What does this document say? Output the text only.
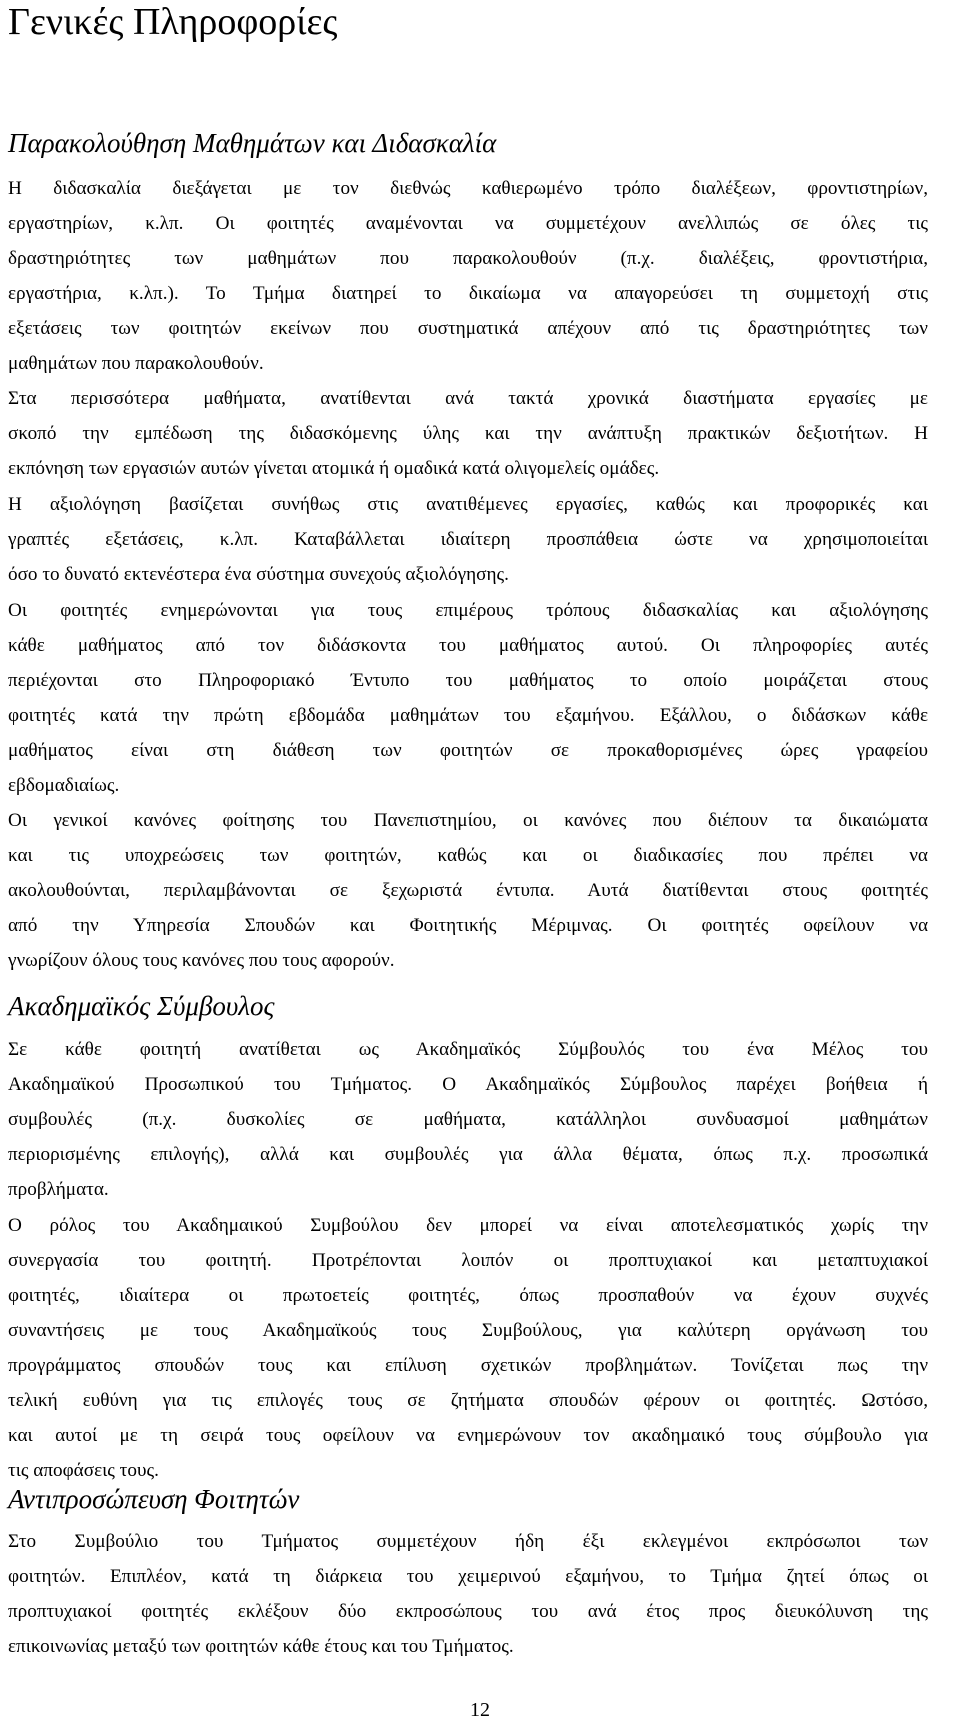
Γενικές Πληροφορίες
Παρακολούθηση Μαθημάτων και Διδασκαλία
Η διδασκαλία διεξάγεται με τον διεθνώς καθιερωμένο τρόπο διαλέξεων, φροντιστηρίων,
εργαστηρίων, κ.λπ. Οι φοιτητές αναμένονται να συμμετέχουν ανελλιπώς σε όλες τις
δραστηριότητες των μαθημάτων που παρακολουθούν (π.χ. διαλέξεις, φροντιστήρια,
εργαστήρια, κ.λπ.). Το Τμήμα διατηρεί το δικαίωμα να απαγορεύσει τη συμμετοχή στις
εξετάσεις των φοιτητών εκείνων που συστηματικά απέχουν από τις δραστηριότητες των
μαθημάτων που παρακολουθούν.
Στα περισσότερα μαθήματα, ανατίθενται ανά τακτά χρονικά διαστήματα εργασίες με
σκοπό την εμπέδωση της διδασκόμενης ύλης και την ανάπτυξη πρακτικών δεξιοτήτων. Η
εκπόνηση των εργασιών αυτών γίνεται ατομικά ή ομαδικά κατά ολιγομελείς ομάδες.
Η αξιολόγηση βασίζεται συνήθως στις ανατιθέμενες εργασίες, καθώς και προφορικές και
γραπτές εξετάσεις, κ.λπ. Καταβάλλεται ιδιαίτερη προσπάθεια ώστε να χρησιμοποιείται
όσο το δυνατό εκτενέστερα ένα σύστημα συνεχούς αξιολόγησης.
Οι φοιτητές ενημερώνονται για τους επιμέρους τρόπους διδασκαλίας και αξιολόγησης
κάθε μαθήματος από τον διδάσκοντα του μαθήματος αυτού. Οι πληροφορίες αυτές
περιέχονται στο Πληροφοριακό Έντυπο του μαθήματος το οποίο μοιράζεται στους
φοιτητές κατά την πρώτη εβδομάδα μαθημάτων του εξαμήνου. Εξάλλου, ο διδάσκων κάθε
μαθήματος είναι στη διάθεση των φοιτητών σε προκαθορισμένες ώρες γραφείου
εβδομαδιαίως.
Οι γενικοί κανόνες φοίτησης του Πανεπιστημίου, οι κανόνες που διέπουν τα δικαιώματα
και τις υποχρεώσεις των φοιτητών, καθώς και οι διαδικασίες που πρέπει να
ακολουθούνται, περιλαμβάνονται σε ξεχωριστά έντυπα. Αυτά διατίθενται στους φοιτητές
από την Υπηρεσία Σπουδών και Φοιτητικής Μέριμνας. Οι φοιτητές οφείλουν να
γνωρίζουν όλους τους κανόνες που τους αφορούν.
Ακαδημαϊκός Σύμβουλος
Σε κάθε φοιτητή ανατίθεται ως Ακαδημαϊκός Σύμβουλός του ένα Μέλος του
Ακαδημαϊκού Προσωπικού του Τμήματος. Ο Ακαδημαϊκός Σύμβουλος παρέχει βοήθεια ή
συμβουλές (π.χ. δυσκολίες σε μαθήματα, κατάλληλοι συνδυασμοί μαθημάτων
περιορισμένης επιλογής), αλλά και συμβουλές για άλλα θέματα, όπως π.χ. προσωπικά
προβλήματα.
Ο ρόλος του Ακαδημαικού Συμβούλου δεν μπορεί να είναι αποτελεσματικός χωρίς την
συνεργασία του φοιτητή. Προτρέπονται λοιπόν οι προπτυχιακοί και μεταπτυχιακοί
φοιτητές, ιδιαίτερα οι πρωτοετείς φοιτητές, όπως προσπαθούν να έχουν συχνές
συναντήσεις με τους Ακαδημαϊκούς τους Συμβούλους, για καλύτερη οργάνωση του
προγράμματος σπουδών τους και επίλυση σχετικών προβλημάτων. Τονίζεται πως την
τελική ευθύνη για τις επιλογές τους σε ζητήματα σπουδών φέρουν οι φοιτητές. Ωστόσο,
και αυτοί με τη σειρά τους οφείλουν να ενημερώνουν τον ακαδημαικό τους σύμβουλο για
τις αποφάσεις τους.
Αντιπροσώπευση Φοιτητών
Στο Συμβούλιο του Τμήματος συμμετέχουν ήδη έξι εκλεγμένοι εκπρόσωποι των
φοιτητών. Επιπλέον, κατά τη διάρκεια του χειμερινού εξαμήνου, το Τμήμα ζητεί όπως οι
προπτυχιακοί φοιτητές εκλέξουν δύο εκπροσώπους του ανά έτος προς διευκόλυνση της
επικοινωνίας μεταξύ των φοιτητών κάθε έτους και του Τμήματος.
12
